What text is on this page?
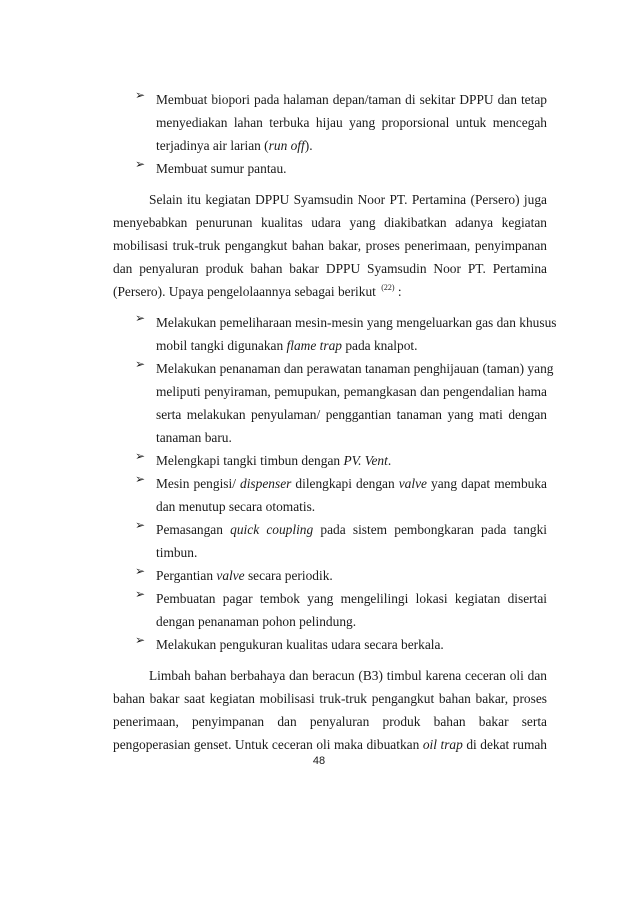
➢ Membuat biopori pada halaman depan/taman di sekitar DPPU dan tetap
menyediakan lahan terbuka hijau yang proporsional untuk mencegah
terjadinya air larian (run off).
➢ Membuat sumur pantau.
Selain itu kegiatan DPPU Syamsudin Noor PT. Pertamina (Persero) juga
menyebabkan penurunan kualitas udara yang diakibatkan adanya kegiatan
mobilisasi truk-truk pengangkut bahan bakar, proses penerimaan, penyimpanan
dan penyaluran produk bahan bakar DPPU Syamsudin Noor PT. Pertamina
(Persero). Upaya pengelolaannya sebagai berikut $^{(22)}$ :
➢ Melakukan pemeliharaan mesin-mesin yang mengeluarkan gas dan khusus
mobil tangki digunakan flame trap pada knalpot.
➢ Melakukan penanaman dan perawatan tanaman penghijauan (taman) yang
meliputi penyiraman, pemupukan, pemangkasan dan pengendalian hama
serta melakukan penyulaman/ penggantian tanaman yang mati dengan
tanaman baru.
➢ Melengkapi tangki timbun dengan PV. Vent.
➢ Mesin pengisi/ dispenser dilengkapi dengan valve yang dapat membuka
dan menutup secara otomatis.
➢ Pemasangan quick coupling pada sistem pembongkaran pada tangki
timbun.
➢ Pergantian valve secara periodik.
➢ Pembuatan pagar tembok yang mengelilingi lokasi kegiatan disertai
dengan penanaman pohon pelindung.
➢ Melakukan pengukuran kualitas udara secara berkala.
Limbah bahan berbahaya dan beracun (B3) timbul karena ceceran oli dan
bahan bakar saat kegiatan mobilisasi truk-truk pengangkut bahan bakar, proses
penerimaan, penyimpanan dan penyaluran produk bahan bakar serta
pengoperasian genset. Untuk ceceran oli maka dibuatkan oil trap di dekat rumah
48
